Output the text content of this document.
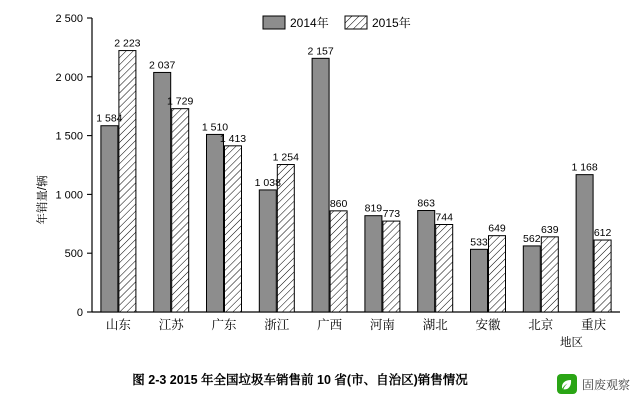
0
500
1 000
1 500
2 000
2 500
年销量/辆
1 584
2 223
2 037
1 729
1 510
1 413
1 038
1 254
2 157
860 819 773
863
744
533
649
562
639
1 168
612
山东 江苏 广东 浙江 广西 河南 湖北 安徽 北京 重庆
地区
2014年	2015年
图 2-3 2015 年全国垃圾车销售前 10 省(市、自治区)销售情况	固废观察
